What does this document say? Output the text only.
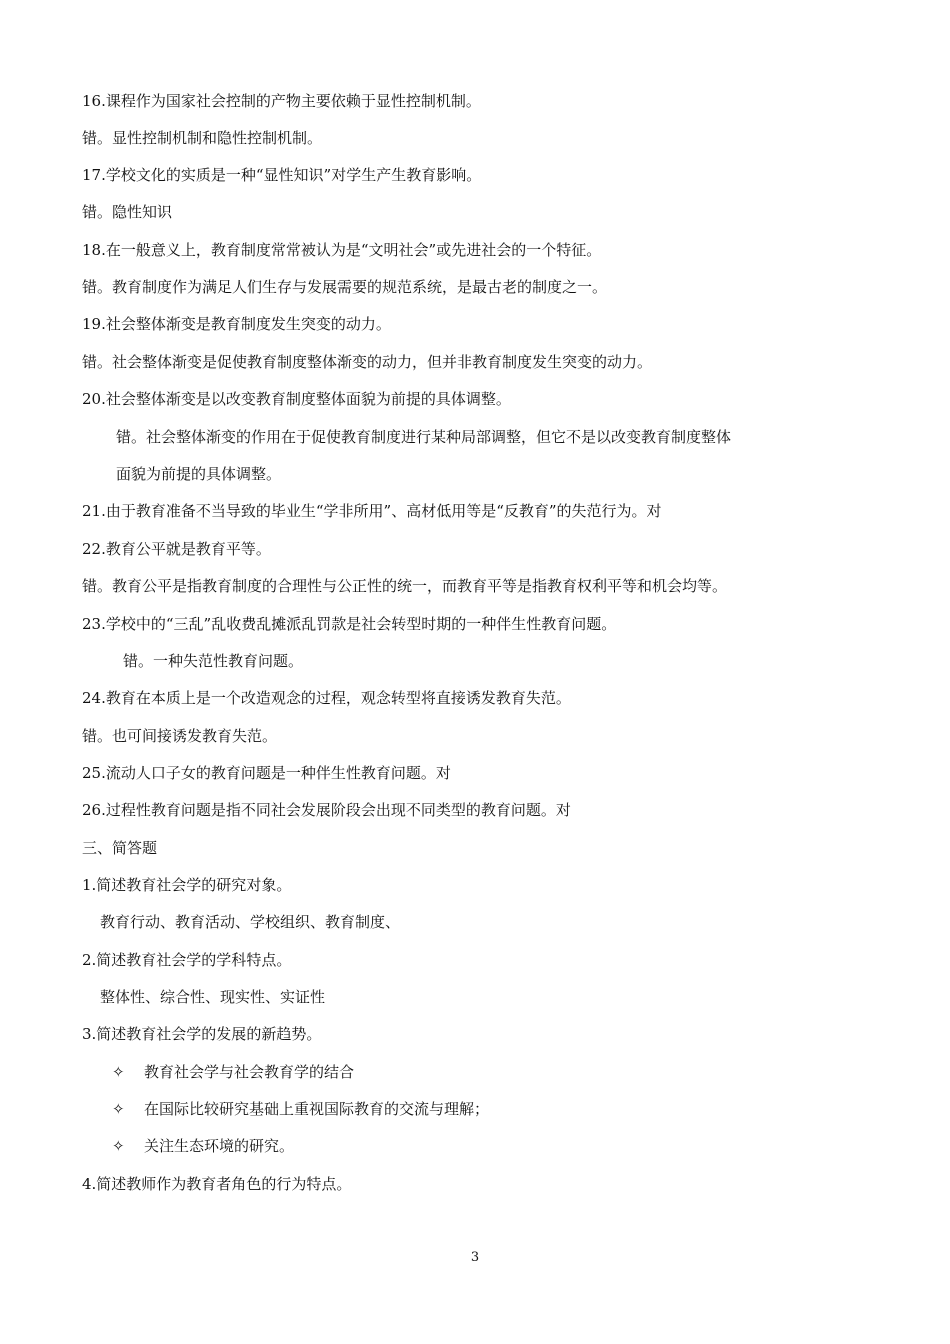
16.课程作为国家社会控制的产物主要依赖于显性控制机制。
错。显性控制机制和隐性控制机制。
17.学校文化的实质是一种“显性知识”对学生产生教育影响。
错。隐性知识
18.在一般意义上，教育制度常常被认为是“文明社会”或先进社会的一个特征。
错。教育制度作为满足人们生存与发展需要的规范系统，是最古老的制度之一。
19.社会整体渐变是教育制度发生突变的动力。
错。社会整体渐变是促使教育制度整体渐变的动力，但并非教育制度发生突变的动力。
20.社会整体渐变是以改变教育制度整体面貌为前提的具体调整。
错。社会整体渐变的作用在于促使教育制度进行某种局部调整，但它不是以改变教育制度整体
面貌为前提的具体调整。
21.由于教育准备不当导致的毕业生“学非所用”、高材低用等是“反教育”的失范行为。对
22.教育公平就是教育平等。
错。教育公平是指教育制度的合理性与公正性的统一，而教育平等是指教育权利平等和机会均等。
23.学校中的“三乱”乱收费乱摊派乱罚款是社会转型时期的一种伴生性教育问题。
错。一种失范性教育问题。
24.教育在本质上是一个改造观念的过程，观念转型将直接诱发教育失范。
错。也可间接诱发教育失范。
25.流动人口子女的教育问题是一种伴生性教育问题。对
26.过程性教育问题是指不同社会发展阶段会出现不同类型的教育问题。对
三、简答题
1.简述教育社会学的研究对象。
教育行动、教育活动、学校组织、教育制度、
2.简述教育社会学的学科特点。
整体性、综合性、现实性、实证性
3.简述教育社会学的发展的新趋势。
✧ 教育社会学与社会教育学的结合
✧ 在国际比较研究基础上重视国际教育的交流与理解；
✧ 关注生态环境的研究。
4.简述教师作为教育者角色的行为特点。
3
